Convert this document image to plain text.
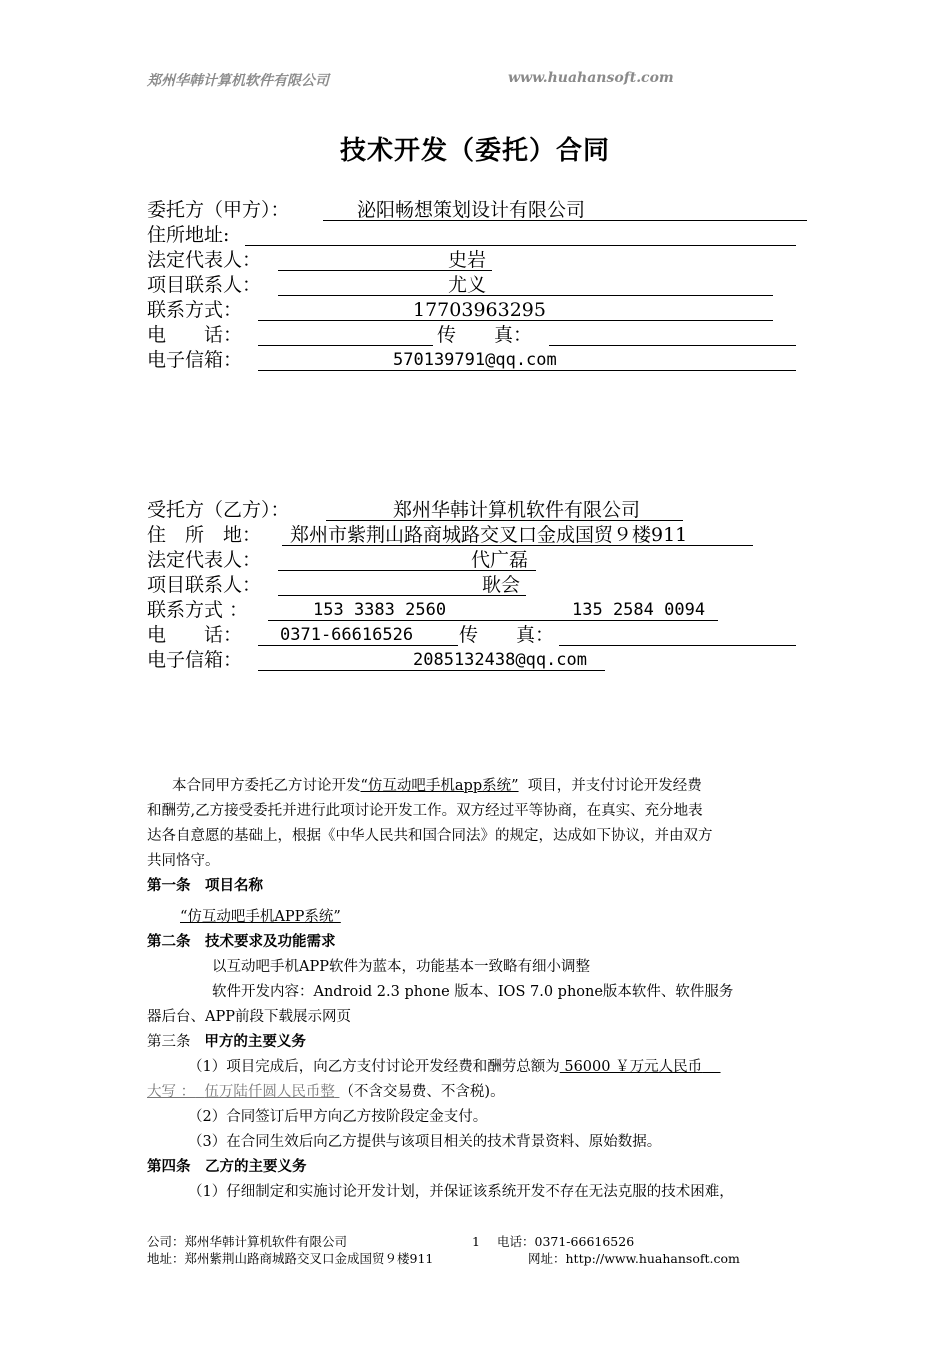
郑州华韩计算机软件有限公司	www.huahansoft.com
技术开发（委托）合同
委托方（甲方）：	泌阳畅想策划设计有限公司
住所地址:
法定代表人：	史岩
项目联系人：	尤义
联系方式：	17703963295
电　　话：	传　　真：
电子信箱：	570139791@qq.com
受托方（乙方）：	郑州华韩计算机软件有限公司
住　所　地： 郑州市紫荆山路商城路交叉口金成国贸９楼911
法定代表人：	代广磊
项目联系人：	耿会
联系方式 ：	153 3383 2560	135 2584 0094
电　　话： 0371-66616526 传　　真：
电子信箱：	2085132438@qq.com
本合同甲方委托乙方讨论开发“仿互动吧手机app系统” 项目，并支付讨论开发经费
和酬劳,乙方接受委托并进行此项讨论开发工作。双方经过平等协商，在真实、充分地表
达各自意愿的基础上，根据《中华人民共和国合同法》的规定，达成如下协议，并由双方
共同恪守。
第一条　项目名称
“仿互动吧手机APP系统”
第二条　技术要求及功能需求
以互动吧手机APP软件为蓝本，功能基本一致略有细小调整
软件开发内容：Android 2.3 phone 版本、IOS 7.0 phone版本软件、软件服务
器后台、APP前段下载展示网页
第三条 甲方的主要义务
（1）项目完成后，向乙方支付讨论开发经费和酬劳总额为 56000 ￥万元人民币
大写 ： 伍万陆仟圆人民币整 （不含交易费、不含税)。
（2）合同签订后甲方向乙方按阶段定金支付。
（3）在合同生效后向乙方提供与该项目相关的技术背景资料、原始数据。
第四条　乙方的主要义务
（1）仔细制定和实施讨论开发计划，并保证该系统开发不存在无法克服的技术困难，
公司：郑州华韩计算机软件有限公司	1 电话：0371-66616526
地址：郑州紫荆山路商城路交叉口金成国贸９楼911	网址：http://www.huahansoft.com
